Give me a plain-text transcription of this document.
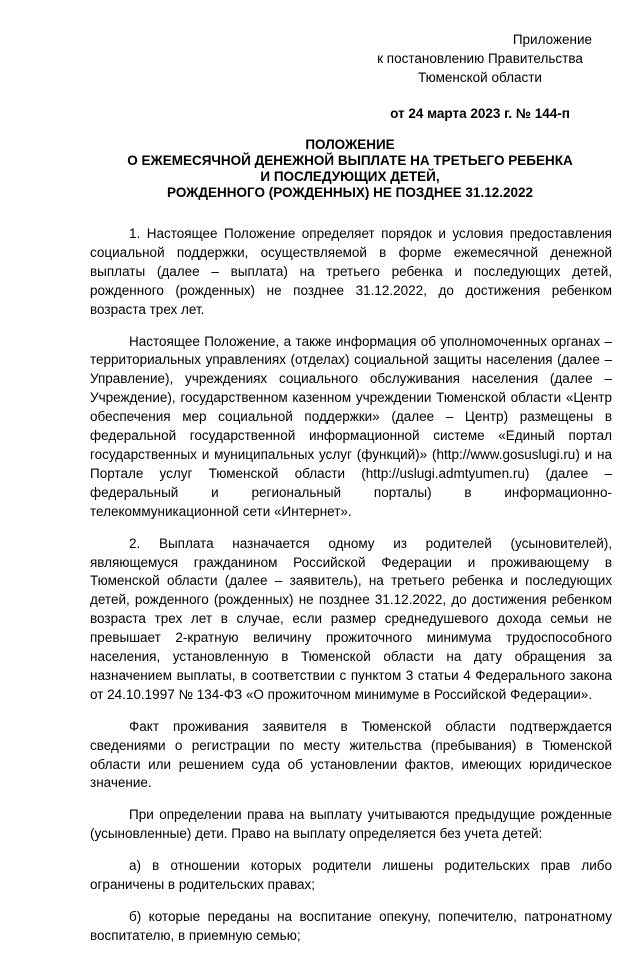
Приложение
к постановлению Правительства
Тюменской области
от 24 марта 2023 г. № 144-п
ПОЛОЖЕНИЕ
О ЕЖЕМЕСЯЧНОЙ ДЕНЕЖНОЙ ВЫПЛАТЕ НА ТРЕТЬЕГО РЕБЕНКА
И ПОСЛЕДУЮЩИХ ДЕТЕЙ,
РОЖДЕННОГО (РОЖДЕННЫХ) НЕ ПОЗДНЕЕ 31.12.2022

1. Настоящее Положение определяет порядок и условия предоставления социальной поддержки, осуществляемой в форме ежемесячной денежной выплаты (далее – выплата) на третьего ребенка и последующих детей, рожденного (рожденных) не позднее 31.12.2022, до достижения ребенком возраста трех лет.

Настоящее Положение, а также информация об уполномоченных органах – территориальных управлениях (отделах) социальной защиты населения (далее – Управление), учреждениях социального обслуживания населения (далее – Учреждение), государственном казенном учреждении Тюменской области «Центр обеспечения мер социальной поддержки» (далее – Центр) размещены в федеральной государственной информационной системе «Единый портал государственных и муниципальных услуг (функций)» (http://www.gosuslugi.ru) и на Портале услуг Тюменской области (http://uslugi.admtyumen.ru) (далее – федеральный и региональный порталы) в информационно-телекоммуникационной сети «Интернет».

2. Выплата назначается одному из родителей (усыновителей), являющемуся гражданином Российской Федерации и проживающему в Тюменской области (далее – заявитель), на третьего ребенка и последующих детей, рожденного (рожденных) не позднее 31.12.2022, до достижения ребенком возраста трех лет в случае, если размер среднедушевого дохода семьи не превышает 2-кратную величину прожиточного минимума трудоспособного населения, установленную в Тюменской области на дату обращения за назначением выплаты, в соответствии с пунктом 3 статьи 4 Федерального закона от 24.10.1997 № 134-ФЗ «О прожиточном минимуме в Российской Федерации».

Факт проживания заявителя в Тюменской области подтверждается сведениями о регистрации по месту жительства (пребывания) в Тюменской области или решением суда об установлении фактов, имеющих юридическое значение.

При определении права на выплату учитываются предыдущие рожденные (усыновленные) дети. Право на выплату определяется без учета детей:

а) в отношении которых родители лишены родительских прав либо ограничены в родительских правах;

б) которые переданы на воспитание опекуну, попечителю, патронатному воспитателю, в приемную семью;
